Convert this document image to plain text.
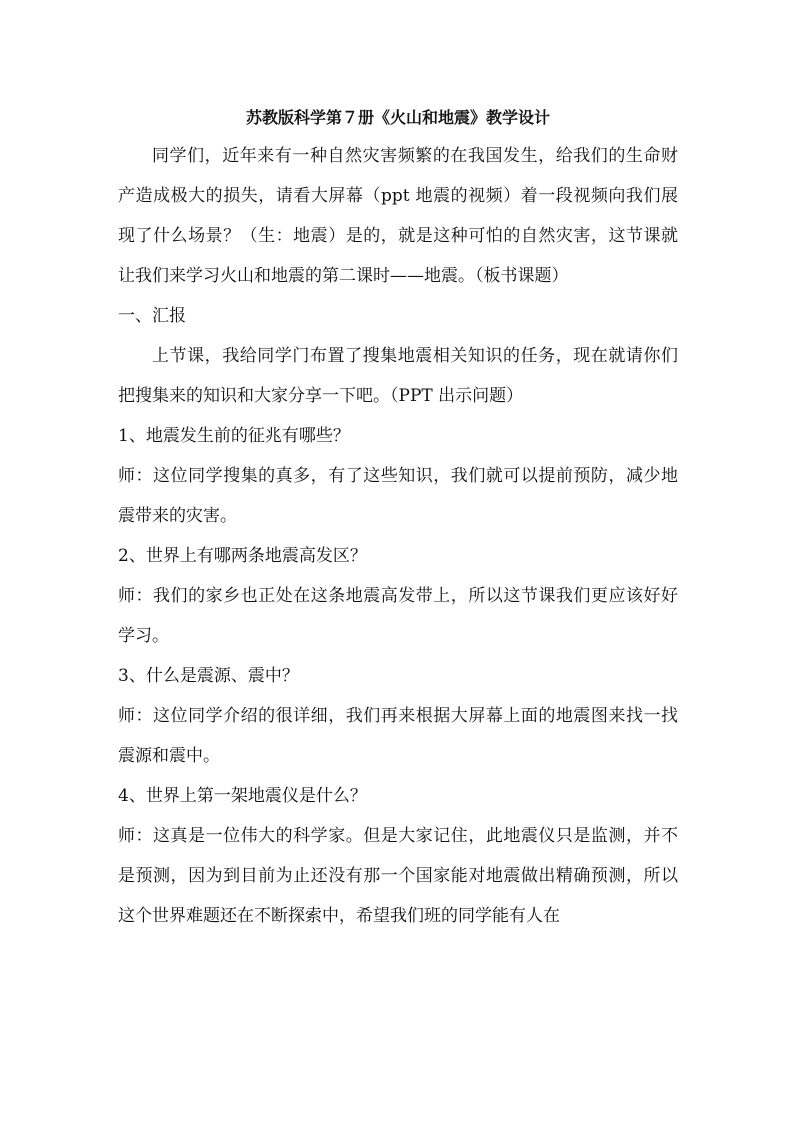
苏教版科学第７册《火山和地震》教学设计

同学们，近年来有一种自然灾害频繁的在我国发生，给我们的生命财产造成极大的损失，请看大屏幕（ppt 地震的视频）着一段视频向我们展现了什么场景？（生：地震）是的，就是这种可怕的自然灾害，这节课就让我们来学习火山和地震的第二课时——地震。（板书课题）

一、汇报

上节课，我给同学门布置了搜集地震相关知识的任务，现在就请你们把搜集来的知识和大家分享一下吧。（PPT 出示问题）

1、地震发生前的征兆有哪些？

师：这位同学搜集的真多，有了这些知识，我们就可以提前预防，减少地震带来的灾害。

2、世界上有哪两条地震高发区？

师：我们的家乡也正处在这条地震高发带上，所以这节课我们更应该好好学习。

3、什么是震源、震中？

师：这位同学介绍的很详细，我们再来根据大屏幕上面的地震图来找一找震源和震中。

4、世界上第一架地震仪是什么？

师：这真是一位伟大的科学家。但是大家记住，此地震仪只是监测，并不是预测，因为到目前为止还没有那一个国家能对地震做出精确预测，所以这个世界难题还在不断探索中，希望我们班的同学能有人在
